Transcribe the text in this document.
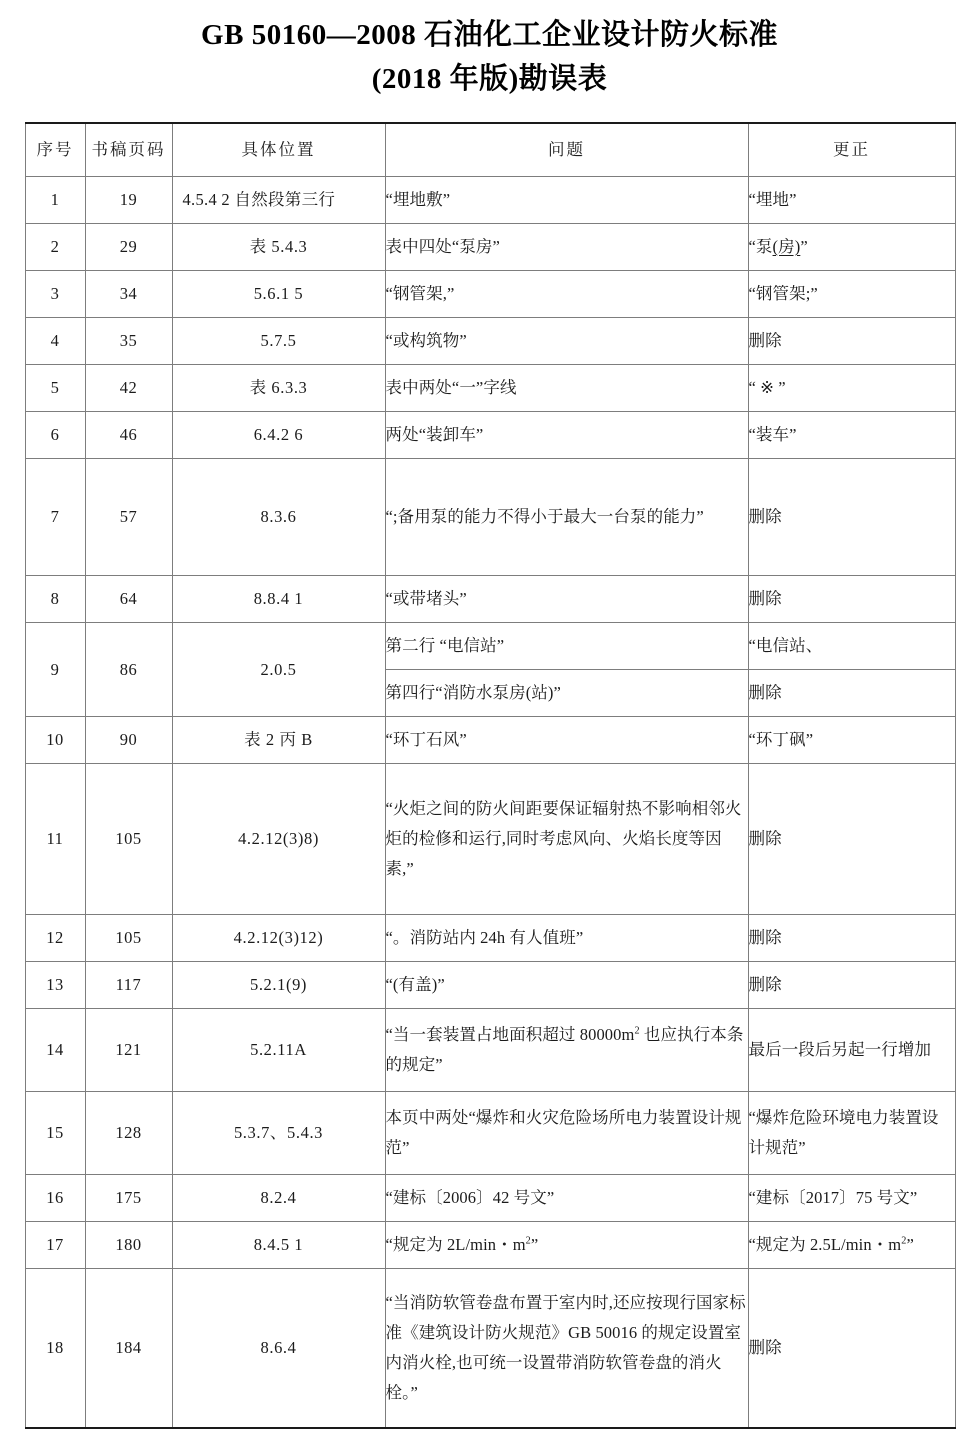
GB 50160—2008 石油化工企业设计防火标准
(2018 年版)勘误表
序号	书稿页码	具体位置	问题	更正
1	19	4.5.4 2 自然段第三行	“埋地敷”	“埋地”
2	29	表 5.4.3	表中四处“泵房”	“泵(房)”
3	34	5.6.1 5	“钢管架,”	“钢管架;”
4	35	5.7.5	“或构筑物”	删除
5	42	表 6.3.3	表中两处“一”字线	“ ※ ”
6	46	6.4.2 6	两处“装卸车”	“装车”
7	57	8.3.6	“;备用泵的能力不得小于最大一台泵的能力”	删除
8	64	8.8.4 1	“或带堵头”	删除
9	86	2.0.5	第二行 “电信站”	“电信站、
			第四行“消防水泵房(站)”	删除
10	90	表 2 丙 B	“环丁石风”	“环丁砜”
11	105	4.2.12(3)8)	“火炬之间的防火间距要保证辐射热不影响相邻火炬的检修和运行,同时考虑风向、火焰长度等因素,”	删除
12	105	4.2.12(3)12)	“。消防站内 24h 有人值班”	删除
13	117	5.2.1(9)	“(有盖)”	删除
14	121	5.2.11A	“当一套装置占地面积超过 $80000m^2$ 也应执行本条的规定”	最后一段后另起一行增加
15	128	5.3.7、5.4.3	本页中两处“爆炸和火灾危险场所电力装置设计规范”	“爆炸危险环境电力装置设计规范”

16	175	8.2.4	“建标〔2006〕42 号文”	“建标〔2017〕75 号文”
17	180	8.4.5 1	“规定为 2L/min・$m^2$”	“规定为 2.5L/min・$m^2$”
18	184	8.6.4	“当消防软管卷盘布置于室内时,还应按现行国家标准《建筑设计防火规范》GB 50016 的规定设置室内消火栓,也可统一设置带消防软管卷盘的消火栓。”	删除
